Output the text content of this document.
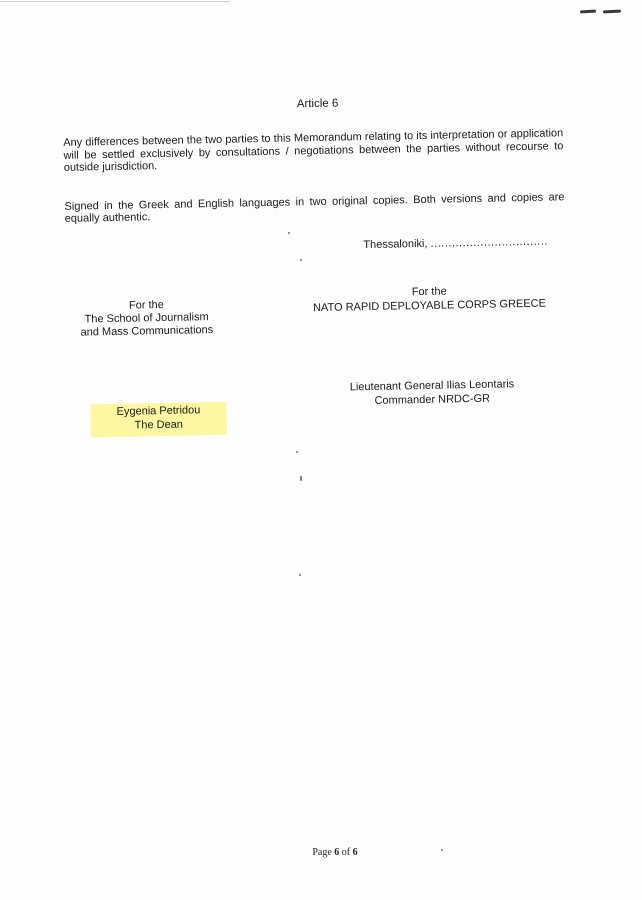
Article 6

Any differences between the two parties to this Memorandum relating to its interpretation or application will be settled exclusively by consultations / negotiations between the parties without recourse to outside jurisdiction.

Signed in the Greek and English languages in two original copies. Both versions and copies are equally authentic.

Thessaloniki, .................................
For the
The School of Journalism
and Mass Communications
For the
NATO RAPID DEPLOYABLE CORPS GREECE
Eygenia Petridou
The Dean
Lieutenant General Ilias Leontaris
Commander NRDC-GR
Page 6 of 6
